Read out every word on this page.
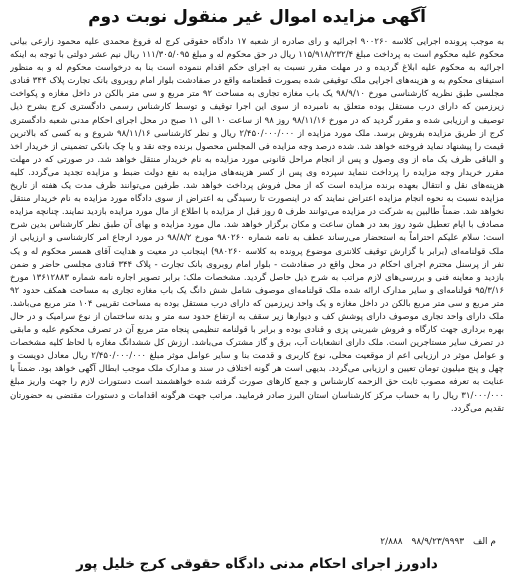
آگهی مزایده اموال غیر منقول نوبت دوم

به موجب پرونده اجرایی کلاسه ۹۰۰۲۶۰ اجرائیه و رای صادره از شعبه ۱۷ دادگاه حقوقی کرج له فروغ محمدی علیه محمود زارعی بیانی محکوم علیه محکوم است به پرداخت مبلغ ۱۱۵/۹۱۸/۲۳۲/۴ ریال در حق محکوم له و مبلغ ۱۱۱/۳۰۵/۰۹۵ ریال نیم عشر دولتی با توجه به اینکه اجرائیه به محکوم علیه ابلاغ گردیده و در مهلت مقرر نسبت به اجرای حکم اقدام ننموده است بنا به درخواست محکوم له و به منظور استیفای محکوم به و هزینه‌های اجرایی ملک توقیفی شده بصورت قطعنامه واقع در صفادشت بلوار امام رو‌بروی بانک تجارت پلاک ۳۴۴ قنادی مجلسی طبق نظریه کارشناسی مورخ ۹۸/۹/۱۰ یک باب مغازه تجاری به مساحت ۹۲ متر مربع و سی متر بالکن در داخل مغازه و پکواخت زیرزمین که دارای درب مستقل بوده متعلق به نامبرده از سوی این اجرا توقیف و توسط کارشناس رسمی دادگستری کرج بشرح ذیل توصیف و ارزیابی شده و مقرر گردید که در مورخ ۹۸/۱۱/۱۶ روز ۹۸ از ساعت ۱۰ الی ۱۱ صبح در محل اجرای احکام مدنی شعبه دادگستری کرج از طریق مزایده بفروش برسد. ملک مورد مزایده از ۲/۴۵۰/۰۰۰/۰۰۰ ریال و نظر کارشناسی ۹۸/۱۱/۱۶ شروع و به کسی که بالاترین قیمت را پیشنهاد نماید فروخته خواهد شد. شده درصد وجه مزایده فی المجلس محصول برنده وجه نقد و یا چک بانکی تضمینی از خریدار اخذ و الباقی ظرف یک ماه از وی وصول و پس از انجام مراحل قانونی مورد مزایده به نام خریدار منتقل خواهد شد. در صورتی که در مهلت مقرر خریدار وجه مزایده را پرداخت ننماید سپرده وی پس از کسر هزینه‌های مزایده به نفع دولت ضبط و مزایده تجدید می‌گردد. کلیه هزینه‌های نقل و انتقال بعهده برنده مزایده است که از محل فروش پرداخت خواهد شد. طرفین می‌توانند ظرف مدت یک هفته از تاریخ مزایده نسبت به نحوه انجام مزایده اعتراض نمایند که در اینصورت تا رسیدگی به اعتراض از سوی دادگاه مورد مزایده به نام خریدار منتقل نخواهد شد. ضمناً طالبین به شرکت در مزایده می‌توانند ظرف ۵ روز قبل از مزایده با اطلاع از مال مورد مزایده بازدید نمایند. چنانچه مزایده مصادف با ایام تعطیل شود روز بعد در همان ساعت و مکان برگزار خواهد شد. مال مورد مزایده و بهای آن طبق نظر کارشناس بدین شرح است: سلام علیکم احتراماً به استحضار می‌رساند عطف به نامه شماره ۹۸۰۲۶۰ مورخ ۹۸/۸/۲ در مورد ارجاع امر کارشناسی و ارزیابی از ملک قولنامه‌ای (برابر با گزارش توقیف کلانتری موضوع پرونده به کلاسه ۹۸۰۲۶۰) اینجانب در معیت و هدایت آقای همسر محکوم له و یک نفر از پرسنل محترم اجرای احکام در محل واقع در صفادشت - بلوار امام روبروی بانک تجارت - پلاک ۳۴۴ قنادی مجلسی حاضر و ضمن بازدید و معاینه فنی و بررسی‌های لازم مراتب به شرح ذیل حاصل گردید. مشخصات ملک: برابر تصویر اجاره نامه شماره ۱۳۶۱۲۸۸۳ مورخ ۹۵/۳/۱۶ قولنامه‌ای و سایر مدارک ارائه شده ملک قولنامه‌ای موصوف شامل شش دانگ یک باب مغازه تجاری به مساحت همکف حدود ۹۲ متر مربع و سی متر مربع بالکن در داخل مغازه و یک واحد زیرزمین که دارای درب مستقل بوده به مساحت تقریبی ۱۰۴ متر مربع می‌باشد. ملک دارای واحد تجاری موصوف دارای پوشش کف و دیوارها زیر سقف به ارتفاع حدود سه متر و بدنه ساختمان از نوع سرامیک و در حال بهره برداری جهت کارگاه و فروش شیرینی پزی و قنادی بوده و برابر با قولنامه تنظیمی پنجاه متر مربع آن در تصرف محکوم علیه و مابقی در تصرف سایر مستاجرین است. ملک دارای انشعابات آب، برق و گاز مشترک می‌باشد. ارزش کل ششدانگ مغازه با لحاظ کلیه مشخصات و عوامل موثر در ارزیابی اعم از موقعیت محلی، نوع کاربری و قدمت بنا و سایر عوامل موثر مبلغ ۲/۴۵۰/۰۰۰/۰۰۰ ریال معادل دویست و چهل و پنج میلیون تومان تعیین و ارزیابی می‌گردد. بدیهی است هر گونه اختلاف در سند و مدارک ملک موجب ابطال آگهی خواهد بود. ضمناً با عنایت به تعرفه مصوب ثابت حق الزحمه کارشناس و جمع کارهای صورت گرفته شده خواهشمند است دستورات لازم را جهت واریز مبلغ ۳۱/۰۰۰/۰۰۰ ریال را به حساب مرکز کارشناسان استان البرز صادر فرمایید. مراتب جهت هرگونه اقدامات و دستورات مقتضی به حضورتان تقدیم می‌گردد.

م الف ۹۸/۹/۲۳/۹۹۹۳ ۲/۸۸۸
دادورز اجرای احکام مدنی دادگاه حقوقی کرج خلیل پور
